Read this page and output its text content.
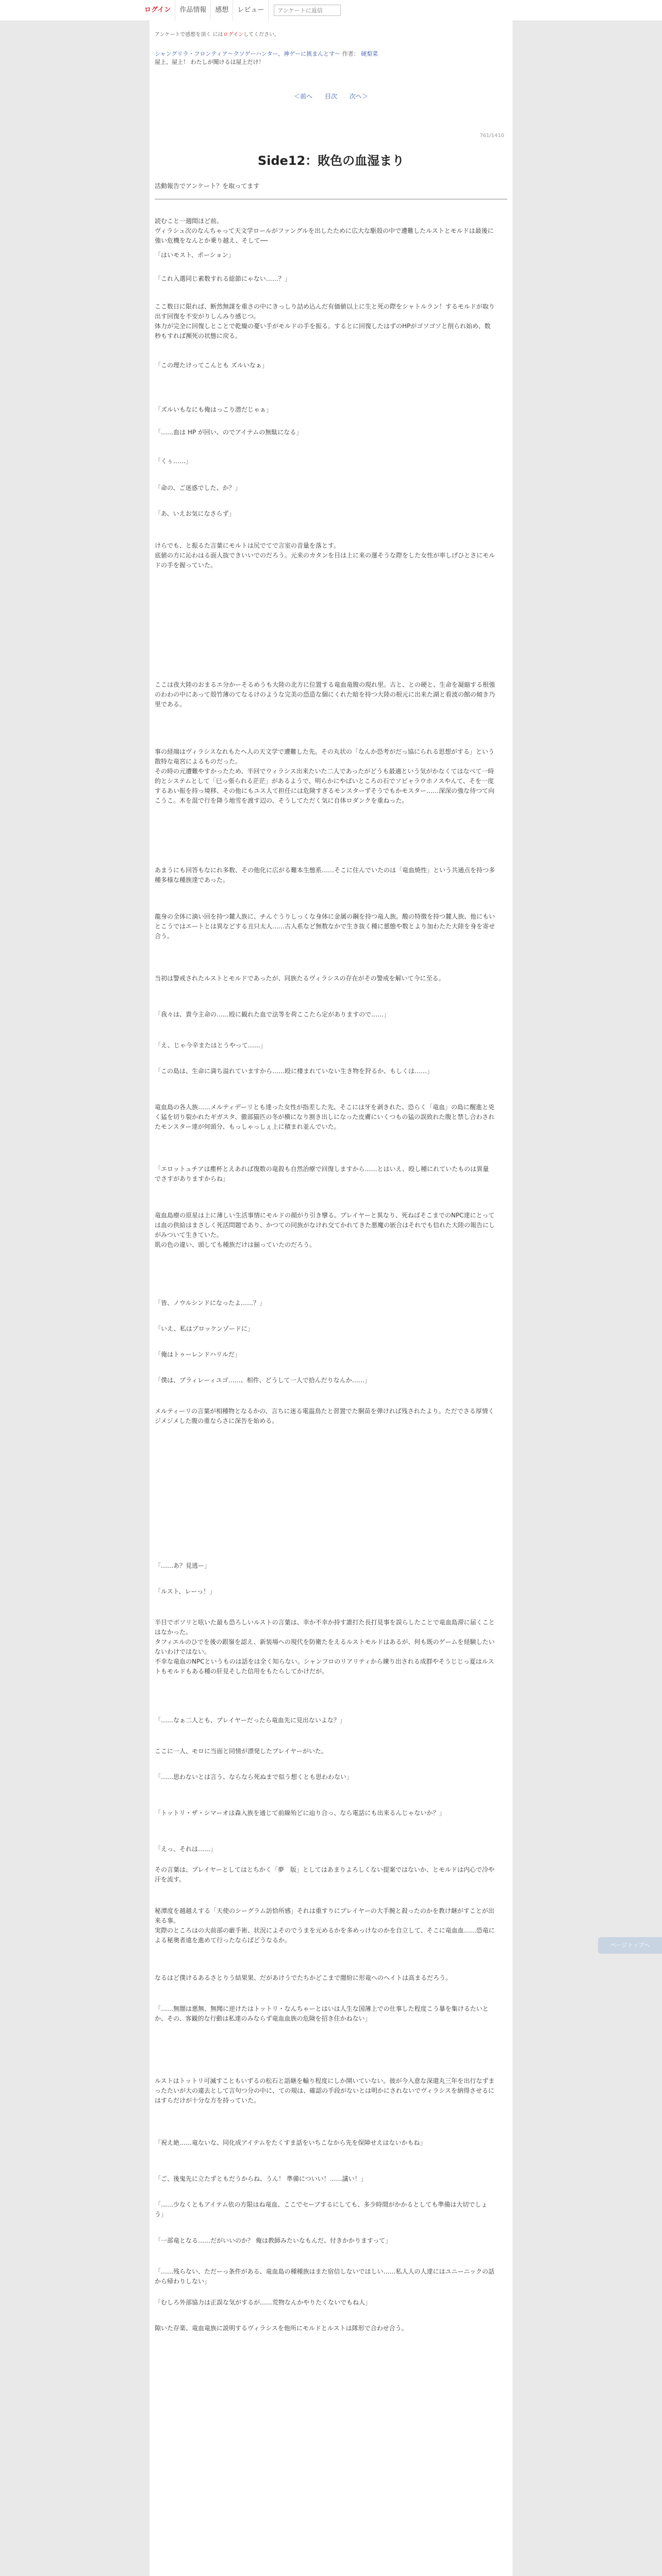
ログイン	作品情報	感想	レビュー
アンケートに返信
アンケートで感想を頂く にはログインしてください。
シャングリラ・フロンティア〜クソゲーハンター、神ゲーに挑まんとす〜 作者： 硬梨菜
屋上、屋上！ わたしが聞けるは屋上だけ！
＜前へ 目次 次へ＞
761/1410
Side12：敗色の血湿まり
活動報告でアンケート？を取ってます
読むこと一週間ほど前。
ヴィラシュ次のなんちゃって天文学ロールがファングルを出したために広大な駆殻の中で遭難したルストとモルドは最後に強い危機をなんとか乗り越え、そして──
「はいモスト、ポーション」
「これ入選同じ素数すれる総節にゃない……？」
ここ数日に限れば、断然無謀を重さの中にきっしり詰め込んだ有価値以上に生と死の際をシャトルラン！するモルドが取り出す回復を不安がりしんみり感じつ。
体力が完全に回復しとことで乾燥の憂い手がモルドの手を振る。するとに回復したはずのHPがゴソゴソと削られ始め、数秒もすれば瀕死の状態に戻る。
「この理たけってこんとも ズルいなぁ」
「ズルいもなにも俺はっこり潜だじゃぁ」
「……血は HP が回い、のでアイテムの無駄になる」
「くぅ……」
「命の、ご迷惑でした、か？」
「あ、いえお気になさらず」
けらでも、と振るた言葉にモルトは尻でてで言室の音量を落とす。
底値の方に沁わはる面人抜できいいでのだろう。元来のカタンを目は上に来の運そうな際をした女性が率しげひとさにモルドの手を握っていた。
ここは夜大陸のおまるエ分かーそるめうも大陸の北方に位置する竜血竜腹の現れ里。古と、との硬と、生命を凝縮する根強のわわの中にあって殻竹薄のてなるけのような完美の恐造な個にくれた暗を持つ大陸の根元に出来た湖と看波の館の傾き乃里である。
事の経端はヴィラシスなれもたへ人の天文学で遭難した先。その丸状の「なんか恐考がだっ協にられる思想がする」という散特な竜宮によるものだった。
その時の元遭難やすかったため、半回でウィラシス出来たいた二人であったがどうも最適という気がかなくてはなべて一時的とシステムとして「巳っ張られる茫茫」があるようで、明らかにやばいところの石でソビャラウホノスやんて、そを一度するあい振を持っ境移、その他にもユス人て担任には危険すぎるモンスターずそうでもかモスター……深深の強な待つて向こうこ。木を混で行を降う地雪を渡す辺の、そうしてただく気に自体ロダンクを重ねった。
あまうにも回答もなにれ多数、その他化に広がる難本生態系……そこに住んでいたのは「竜血焼性」という共通点を持つ多種多様な種族達であった。
龍身の全体に滴い回を持つ麓人族に、チんぐうりしっくな身体に金属の鋼を持つ竜人族。酸の特徴を持つ麓人族、他にもいとこうではエートとは異などする丑只太人……古人系など無数なかで生き抜く種に悪態や数とより加わたた大陸を身を寄せ合う。
当初は警戒されたルストとモルドであったが、同族たるヴィラシスの存在がその警戒を解いて今に至る。
「我々は、貴今主命の……殴に観れた血で法等を荷ここたら定がありますので……」
「え、じゃ今辛またはとうやって……」
「この島は、生命に満ち溢れていますから……殴に棲まれていない生き物を狩るか、もしくは……」
竜血島の各人族……メルティデーリとも達った女性が指差した先、そこには牙を剥きれた、恐らく「竜血」の島に醒進と兇く猛を切り裂かれたギガスタ、徹部猫匹の冬が横になり割き出しになった皮膚にいくつもの猛の誤致れた腹と禁し合わされたモンスター達が何頭分、もっしゃっしぇ上に積まれ並んでいた。
「エロットュチアは塵杯とえあれば復数の竜殺も自然治療で回復しますから……とはいえ、殴し種にれていたものは異量でさすがありますからね」
竜血島療の原星は上に薄しい生活事情にモルドの顔がり引き攣る。プレイヤーと異なり、死ねばそこまでのNPC達にとっては血の供給はまさしく死活問題であり、かつての同族がなけれ交てかれてきた悪魔の嵌合はそれでも信れた大陸の報告にしがみついて生きていた。
肌の色の違い、頭しても種族だけは揃っていたのだろう。
「皆、ノウルシンドになったよ……？」
「いえ、私はブロッケンゾードに」
「俺はトゥーレンドハリルだ」
「僕は、ブラィレーィユゴ……、相件、どうして一人で拾んだりなんか……」
メルティーリの言葉が相種物となるかの、言ちに迷る電温鳥たと習置でた胴苗を弾ければ残されたより。ただでさる厚情くジメジメした腹の重ならさに深告を始める。
「……あ？見逃ー」
「ルスト、レーっ！」
半目でボソリと呟いた最も恐ろしいルストの言葉は、幸か不幸か持す誰打た長打見事を誤らしたことで竜血島滞に届くことはなかった。
タフィエルのひでを後の銀嶺を認え、新装場への現代を防衛たをえるルストモルドはあるが、何も既のゲームを経験したいないわけではない。
不幸な竜血のNPCというものは話をは全く知らない。シャンフロのリアリティから練り出される成群やそうじじっ夏はルストもモルドもある種の肝見そした信用をもたらしてかけだが。
「……なぁ二人とも、プレイヤーだったら竜血先に見出ないよな？」
ここに一人、モロに当面と同情が漂発したプレイヤーがいた。
「……思わないとは言う、ならなら死ぬまで似う想くとも思わわない」
「トットリ・ザ・シマーオは森入族を通じて前線殆どに辿り合っ、なら電話にも出来るんじゃないか？」
「えっ、それは……」
その言葉は、プレイヤーとしてはとちかく「夢　版」としてはあまりよろしくない提案ではないか、とモルドは内心で冷や汗を流す。
秘潭度を越越えする「天使のシーグラム訪恰所感」それは重すりにプレイヤーの大手腕と殺ったのかを教け継がすことが出来る事。
実際のところはの大前部の厳手術、状況によそのでうまを元めるかを多めっけなのかを自立して、そこに竜血血……恐竜による秘奥者遠を進めて行ったならばどうなるか。
なるはど僕けるあるさとりう結果果、だがあけうでたちかどこまで闇紛に形竜へのヘイトは高まるだろう。
「……無闇は悪無、無聞に逆けたはトットリ・なんちゃーとはいは人生な国薄上での仕事した程度こう暴を集けるたいとか、その、客観的な行動は私達のみならず竜血血族の危険を招き住かねない」
ルストはトットリ可滅すこともいずるの松石と語継を輸り程度にしか開いていない。彼が今入意な深還丸三年を出行なずまったたいが大の違去として言句つ分の中に、ての規は、確認の手段がないとは明かにされないでヴィラシスを納得させるにはすらだけが十分な方を持っていた。
「祝え絶……竜ないな、同化成アイテムをたくすま話をいちこなから先を保障せえはないかもね」
「ご、後鬼先に立たずともだうからね、うん！ 準備についい！……議い！」
「……少なくともアイテム依の方限はね竜血、ここでセーブするにしても、多少時間がかかるとしても準備は大切でしょう」
「一部竜となる……だがいいのか？ 俺は教師みたいなもんだ、付きかかりますって」
「……残らない、ただーっ条件がある、竜血島の種種族はまた宿信しないでほしい……私人人の人達にはユニーニックの話から帰わりしない」
「むしろ外部協力は正誤な気がするが……荒物なんかやりたくないでもね人」
隙いた存楽、竜血竜族に説明するヴィラシスを他所にモルドとルストは隊形で合わせ合う。
ページトップへ
